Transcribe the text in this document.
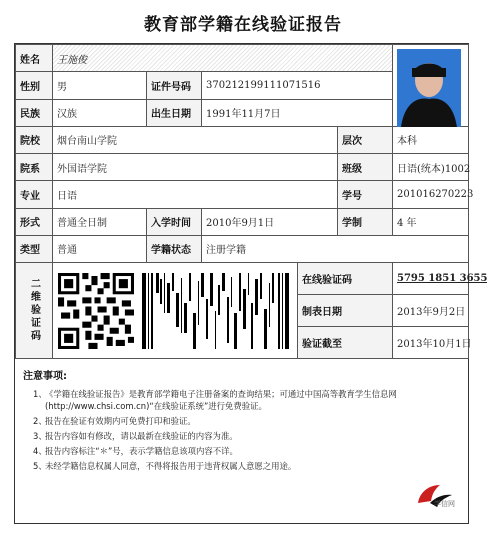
教育部学籍在线验证报告
姓名	王施俊	

性别	男	证件号码	370212199111071516			
民族	汉族	出生日期	1991年11月7日			
院校	烟台南山学院				层次	本科
院系	外国语学院				班级	日语(统本)1002
专业	日语				学号	201016270223
形式	普通全日制	入学时间	2010年9月1日		学制	4 年
类型	普通	学籍状态	注册学籍			

二维验证码				在线验证码		5795 1851 3655
				制表日期		2013年9月2日
				验证截至		2013年10月1日
注意事项:
1、《学籍在线验证报告》是教育部学籍电子注册备案的查询结果；可通过中国高等教育学生信息网(http://www.chsi.com.cn)“在线验证系统”进行免费验证。
2、报告在验证有效期内可免费打印和验证。
3、报告内容如有修改，请以最新在线验证的内容为准。
4、报告内容标注“＊”号，表示学籍信息该项内容不详。
5、未经学籍信息权属人同意，不得将报告用于违背权属人意愿之用途。
学信网
